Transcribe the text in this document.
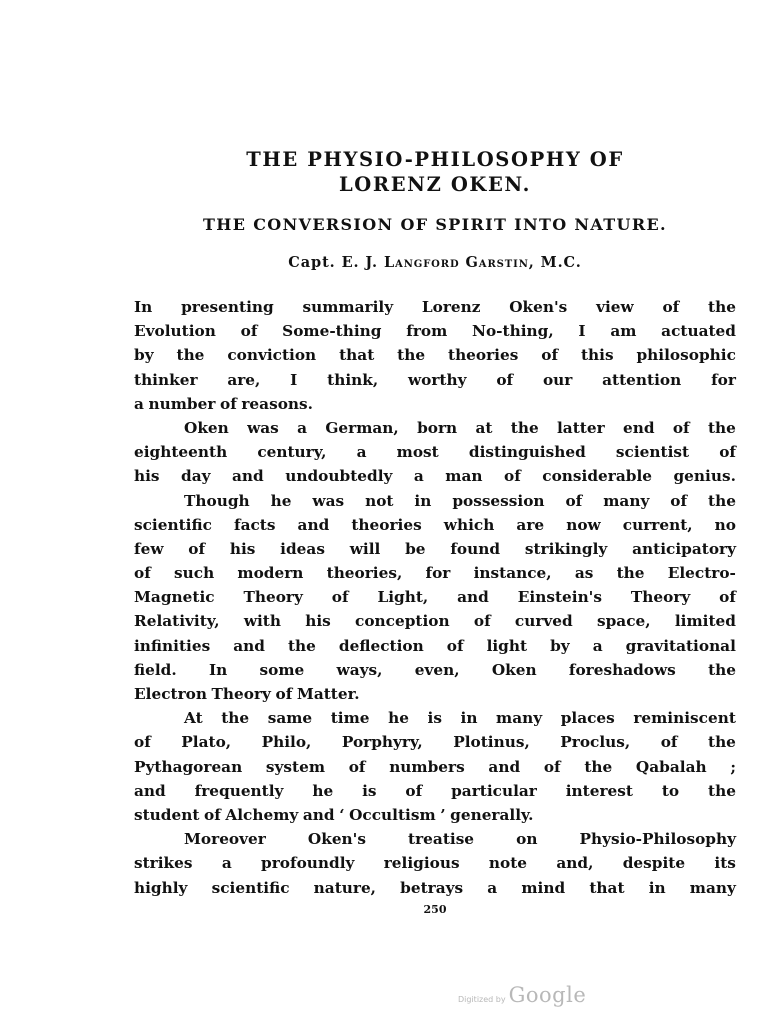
THE PHYSIO-PHILOSOPHY OF
LORENZ OKEN.
THE CONVERSION OF SPIRIT INTO NATURE.
Capt. E. J. Langford Garstin, M.C.
In presenting summarily Lorenz Oken's view of the
Evolution of Some-thing from No-thing, I am actuated
by the conviction that the theories of this philosophic
thinker are, I think, worthy of our attention for
a number of reasons.
Oken was a German, born at the latter end of the
eighteenth century, a most distinguished scientist of
his day and undoubtedly a man of considerable genius.
Though he was not in possession of many of the
scientific facts and theories which are now current, no
few of his ideas will be found strikingly anticipatory
of such modern theories, for instance, as the Electro-
Magnetic Theory of Light, and Einstein's Theory of
Relativity, with his conception of curved space, limited
infinities and the deflection of light by a gravitational
field. In some ways, even, Oken foreshadows the
Electron Theory of Matter.
At the same time he is in many places reminiscent
of Plato, Philo, Porphyry, Plotinus, Proclus, of the
Pythagorean system of numbers and of the Qabalah ;
and frequently he is of particular interest to the
student of Alchemy and ‘ Occultism ’ generally.
Moreover	Oken's	treatise	on	Physio-Philosophy
strikes a profoundly religious note and, despite its
highly scientific nature, betrays a mind that in many
250
Digitized by Google
